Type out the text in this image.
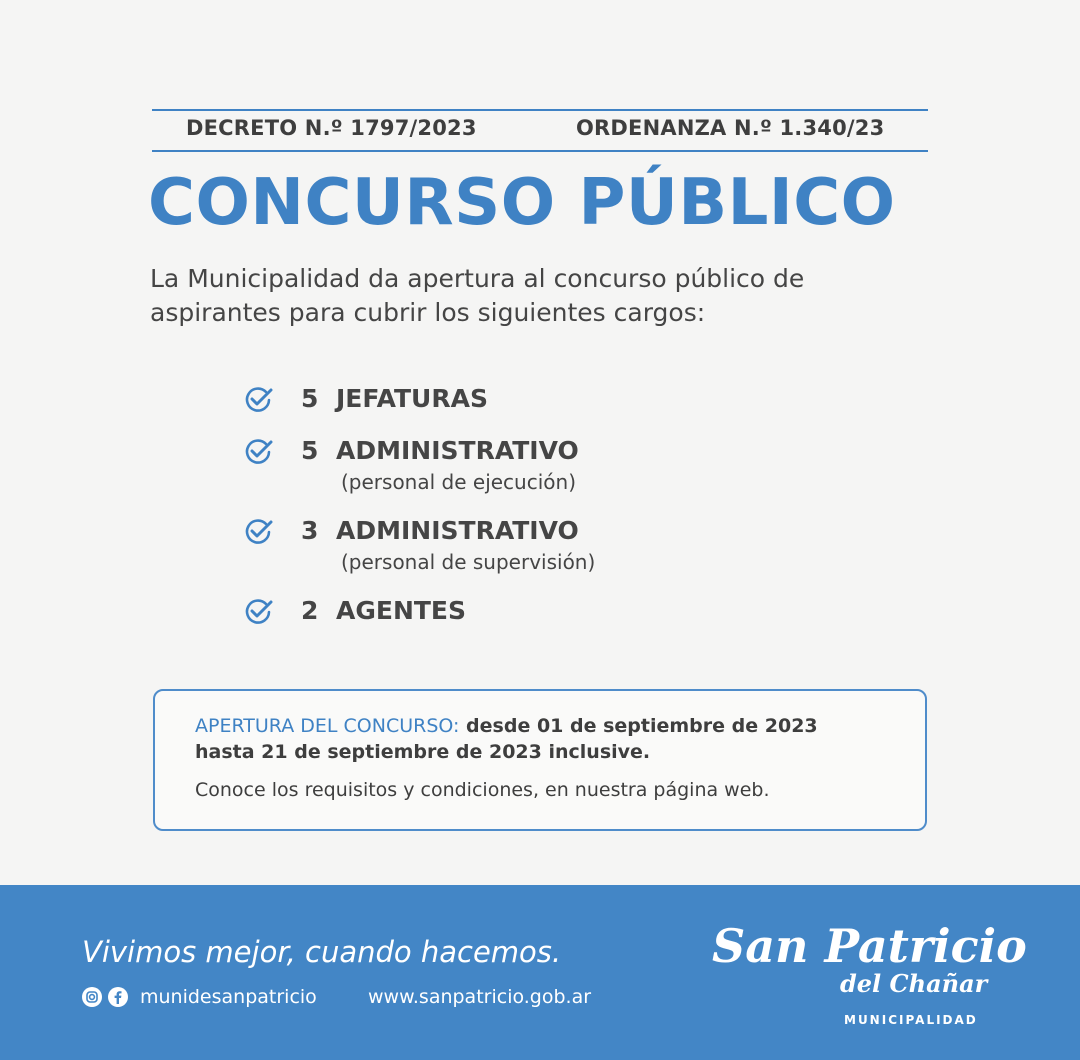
DECRETO N.º 1797/2023	ORDENANZA N.º 1.340/23
CONCURSO PÚBLICO
La Municipalidad da apertura al concurso público de aspirantes para cubrir los siguientes cargos:
5 JEFATURAS
5 ADMINISTRATIVO
(personal de ejecución)
3 ADMINISTRATIVO
(personal de supervisión)
2 AGENTES
APERTURA DEL CONCURSO: desde 01 de septiembre de 2023
hasta 21 de septiembre de 2023 inclusive.
Conoce los requisitos y condiciones, en nuestra página web.
Vivimos mejor, cuando hacemos.
munidesanpatricio	www.sanpatricio.gob.ar
San Patricio
del Chañar
MUNICIPALIDAD
